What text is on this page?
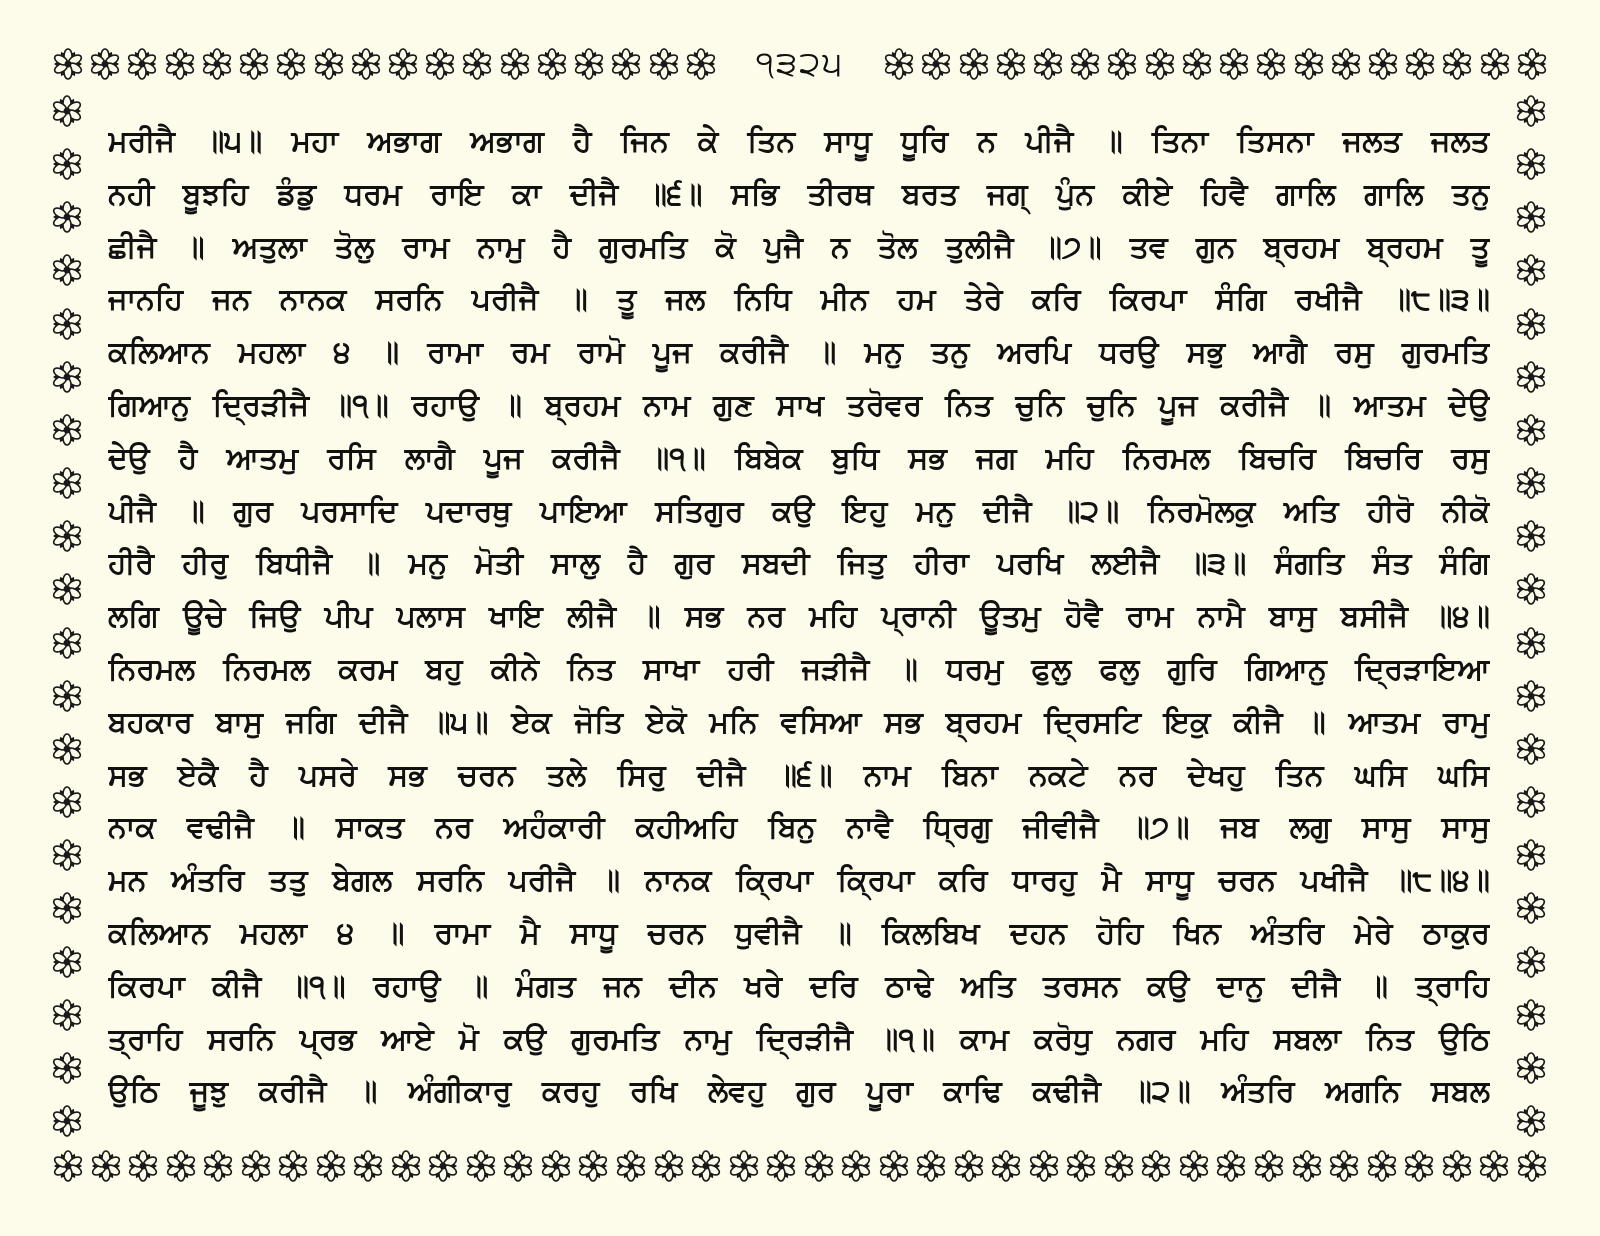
੧੩੨੫
ਮਰੀਜੈ ॥੫॥ ਮਹਾ ਅਭਾਗ ਅਭਾਗ ਹੈ ਜਿਨ ਕੇ ਤਿਨ ਸਾਧੂ ਧੂਰਿ ਨ ਪੀਜੈ ॥ ਤਿਨਾ ਤਿਸਨਾ ਜਲਤ ਜਲਤ
ਨਹੀ ਬੂਝਹਿ ਡੰਡੁ ਧਰਮ ਰਾਇ ਕਾ ਦੀਜੈ ॥੬॥ ਸਭਿ ਤੀਰਥ ਬਰਤ ਜਗ੍ ਪੁੰਨ ਕੀਏ ਹਿਵੈ ਗਾਲਿ ਗਾਲਿ ਤਨੁ
ਛੀਜੈ ॥ ਅਤੁਲਾ ਤੋਲੁ ਰਾਮ ਨਾਮੁ ਹੈ ਗੁਰਮਤਿ ਕੋ ਪੁਜੈ ਨ ਤੋਲ ਤੁਲੀਜੈ ॥੭॥ ਤਵ ਗੁਨ ਬ੍ਰਹਮ ਬ੍ਰਹਮ ਤੂ
ਜਾਨਹਿ ਜਨ ਨਾਨਕ ਸਰਨਿ ਪਰੀਜੈ ॥ ਤੂ ਜਲ ਨਿਧਿ ਮੀਨ ਹਮ ਤੇਰੇ ਕਰਿ ਕਿਰਪਾ ਸੰਗਿ ਰਖੀਜੈ ॥੮॥੩॥
ਕਲਿਆਨ ਮਹਲਾ ੪ ॥ ਰਾਮਾ ਰਮ ਰਾਮੋ ਪੂਜ ਕਰੀਜੈ ॥ ਮਨੁ ਤਨੁ ਅਰਪਿ ਧਰਉ ਸਭੁ ਆਗੈ ਰਸੁ ਗੁਰਮਤਿ
ਗਿਆਨੁ ਦ੍ਰਿੜੀਜੈ ॥੧॥ ਰਹਾਉ ॥ ਬ੍ਰਹਮ ਨਾਮ ਗੁਣ ਸਾਖ ਤਰੋਵਰ ਨਿਤ ਚੁਨਿ ਚੁਨਿ ਪੂਜ ਕਰੀਜੈ ॥ ਆਤਮ ਦੇਉ
ਦੇਉ ਹੈ ਆਤਮੁ ਰਸਿ ਲਾਗੈ ਪੂਜ ਕਰੀਜੈ ॥੧॥ ਬਿਬੇਕ ਬੁਧਿ ਸਭ ਜਗ ਮਹਿ ਨਿਰਮਲ ਬਿਚਰਿ ਬਿਚਰਿ ਰਸੁ
ਪੀਜੈ ॥ ਗੁਰ ਪਰਸਾਦਿ ਪਦਾਰਥੁ ਪਾਇਆ ਸਤਿਗੁਰ ਕਉ ਇਹੁ ਮਨੁ ਦੀਜੈ ॥੨॥ ਨਿਰਮੋਲਕੁ ਅਤਿ ਹੀਰੋ ਨੀਕੋ
ਹੀਰੈ ਹੀਰੁ ਬਿਧੀਜੈ ॥ ਮਨੁ ਮੋਤੀ ਸਾਲੁ ਹੈ ਗੁਰ ਸਬਦੀ ਜਿਤੁ ਹੀਰਾ ਪਰਖਿ ਲਈਜੈ ॥੩॥ ਸੰਗਤਿ ਸੰਤ ਸੰਗਿ
ਲਗਿ ਊਚੇ ਜਿਉ ਪੀਪ ਪਲਾਸ ਖਾਇ ਲੀਜੈ ॥ ਸਭ ਨਰ ਮਹਿ ਪ੍ਰਾਨੀ ਊਤਮੁ ਹੋਵੈ ਰਾਮ ਨਾਮੈ ਬਾਸੁ ਬਸੀਜੈ ॥੪॥
ਨਿਰਮਲ ਨਿਰਮਲ ਕਰਮ ਬਹੁ ਕੀਨੇ ਨਿਤ ਸਾਖਾ ਹਰੀ ਜੜੀਜੈ ॥ ਧਰਮੁ ਫੁਲੁ ਫਲੁ ਗੁਰਿ ਗਿਆਨੁ ਦ੍ਰਿੜਾਇਆ
ਬਹਕਾਰ ਬਾਸੁ ਜਗਿ ਦੀਜੈ ॥੫॥ ਏਕ ਜੋਤਿ ਏਕੋ ਮਨਿ ਵਸਿਆ ਸਭ ਬ੍ਰਹਮ ਦ੍ਰਿਸਟਿ ਇਕੁ ਕੀਜੈ ॥ ਆਤਮ ਰਾਮੁ
ਸਭ ਏਕੈ ਹੈ ਪਸਰੇ ਸਭ ਚਰਨ ਤਲੇ ਸਿਰੁ ਦੀਜੈ ॥੬॥ ਨਾਮ ਬਿਨਾ ਨਕਟੇ ਨਰ ਦੇਖਹੁ ਤਿਨ ਘਸਿ ਘਸਿ
ਨਾਕ ਵਢੀਜੈ ॥ ਸਾਕਤ ਨਰ ਅਹੰਕਾਰੀ ਕਹੀਅਹਿ ਬਿਨੁ ਨਾਵੈ ਧ੍ਰਿਗੁ ਜੀਵੀਜੈ ॥੭॥ ਜਬ ਲਗੁ ਸਾਸੁ ਸਾਸੁ
ਮਨ ਅੰਤਰਿ ਤਤੁ ਬੇਗਲ ਸਰਨਿ ਪਰੀਜੈ ॥ ਨਾਨਕ ਕ੍ਰਿਪਾ ਕ੍ਰਿਪਾ ਕਰਿ ਧਾਰਹੁ ਮੈ ਸਾਧੂ ਚਰਨ ਪਖੀਜੈ ॥੮॥੪॥
ਕਲਿਆਨ ਮਹਲਾ ੪ ॥ ਰਾਮਾ ਮੈ ਸਾਧੂ ਚਰਨ ਧੁਵੀਜੈ ॥ ਕਿਲਬਿਖ ਦਹਨ ਹੋਹਿ ਖਿਨ ਅੰਤਰਿ ਮੇਰੇ ਠਾਕੁਰ
ਕਿਰਪਾ ਕੀਜੈ ॥੧॥ ਰਹਾਉ ॥ ਮੰਗਤ ਜਨ ਦੀਨ ਖਰੇ ਦਰਿ ਠਾਢੇ ਅਤਿ ਤਰਸਨ ਕਉ ਦਾਨੁ ਦੀਜੈ ॥ ਤ੍ਰਾਹਿ
ਤ੍ਰਾਹਿ ਸਰਨਿ ਪ੍ਰਭ ਆਏ ਮੋ ਕਉ ਗੁਰਮਤਿ ਨਾਮੁ ਦ੍ਰਿੜੀਜੈ ॥੧॥ ਕਾਮ ਕਰੋਧੁ ਨਗਰ ਮਹਿ ਸਬਲਾ ਨਿਤ ਉਠਿ
ਉਠਿ ਜੂਝੁ ਕਰੀਜੈ ॥ ਅੰਗੀਕਾਰੁ ਕਰਹੁ ਰਖਿ ਲੇਵਹੁ ਗੁਰ ਪੂਰਾ ਕਾਢਿ ਕਢੀਜੈ ॥੨॥ ਅੰਤਰਿ ਅਗਨਿ ਸਬਲ
